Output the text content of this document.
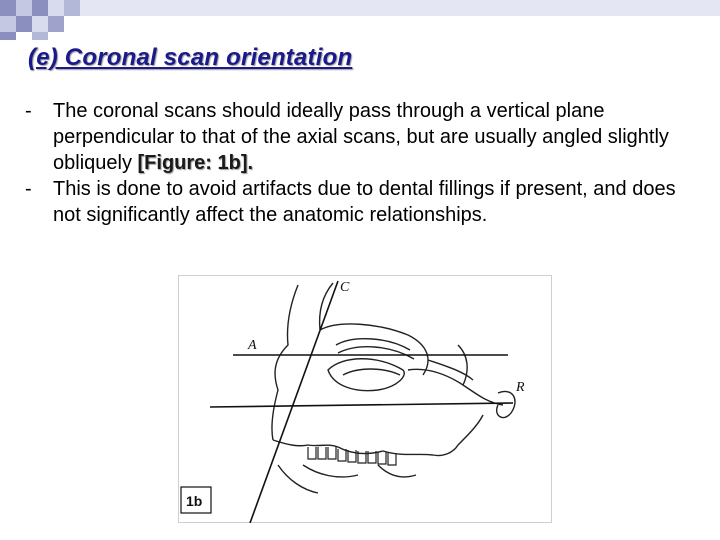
(e) Coronal scan orientation
- The coronal scans should ideally pass through a vertical plane perpendicular to that of the axial scans, but are usually angled slightly obliquely [Figure: 1b].
- This is done to avoid artifacts due to dental fillings if present, and does not significantly affect the anatomic relationships.
C
A
R
1b
